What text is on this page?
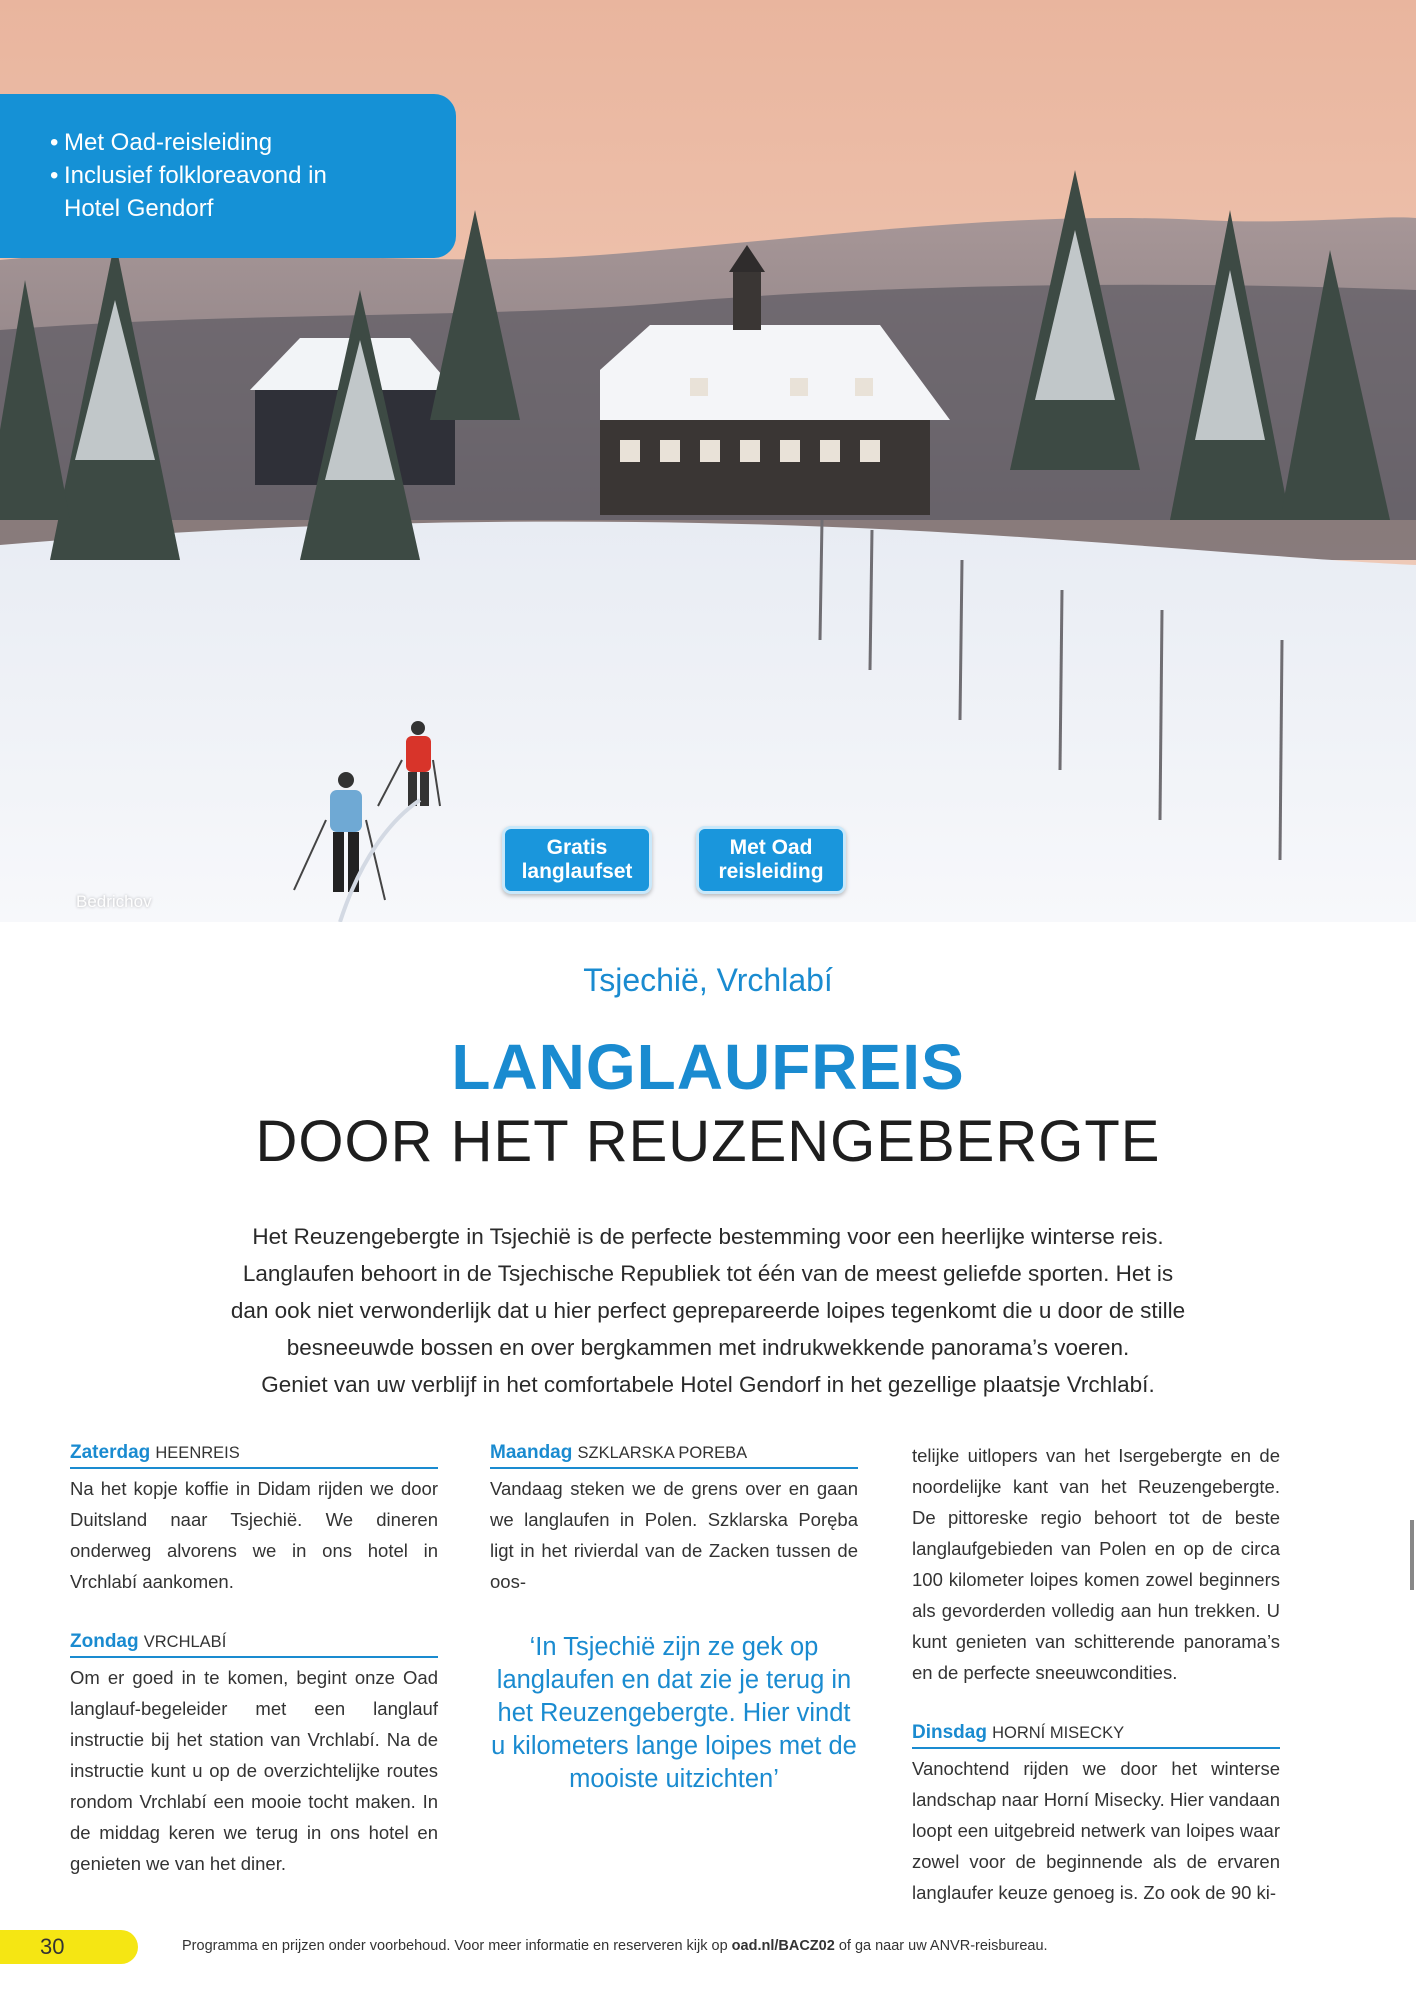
• Met Oad-reisleiding
• Inclusief folkloreavond in
Hotel Gendorf
Gratis
langlaufset
Met Oad
reisleiding
Bedrichov
Tsjechië, Vrchlabí
LANGLAUFREIS
DOOR HET REUZENGEBERGTE
Het Reuzengebergte in Tsjechië is de perfecte bestemming voor een heerlijke winterse reis.
Langlaufen behoort in de Tsjechische Republiek tot één van de meest geliefde sporten. Het is
dan ook niet verwonderlijk dat u hier perfect geprepareerde loipes tegenkomt die u door de stille
besneeuwde bossen en over bergkammen met indrukwekkende panorama’s voeren.
Geniet van uw verblijf in het comfortabele Hotel Gendorf in het gezellige plaatsje Vrchlabí.
Zaterdag HEENREIS

Na het kopje koffie in Didam rijden we door Duitsland naar Tsjechië. We dineren onderweg alvorens we in ons hotel in Vrchlabí aankomen.

Zondag VRCHLABÍ

Om er goed in te komen, begint onze Oad langlauf-begeleider met een langlauf instructie bij het station van Vrchlabí. Na de instructie kunt u op de overzichtelijke routes rondom Vrchlabí een mooie tocht maken. In de middag keren we terug in ons hotel en genieten we van het diner.

Maandag SZKLARSKA POREBA

Vandaag steken we de grens over en gaan we langlaufen in Polen. Szklarska Poręba ligt in het rivierdal van de Zacken tussen de oos-

‘In Tsjechië zijn ze gek op langlaufen en dat zie je terug in het Reuzengebergte. Hier vindt u kilometers lange loipes met de mooiste uitzichten’

telijke uitlopers van het Isergebergte en de noordelijke kant van het Reuzengebergte. De pittoreske regio behoort tot de beste langlaufgebieden van Polen en op de circa 100 kilometer loipes komen zowel beginners als gevorderden volledig aan hun trekken. U kunt genieten van schitterende panorama’s en de perfecte sneeuwcondities.

Dinsdag HORNÍ MISECKY

Vanochtend rijden we door het winterse landschap naar Horní Misecky. Hier vandaan loopt een uitgebreid netwerk van loipes waar zowel voor de beginnende als de ervaren langlaufer keuze genoeg is. Zo ook de 90 ki-

30	Programma en prijzen onder voorbehoud. Voor meer informatie en reserveren kijk op oad.nl/BACZ02 of ga naar uw ANVR-reisbureau.
